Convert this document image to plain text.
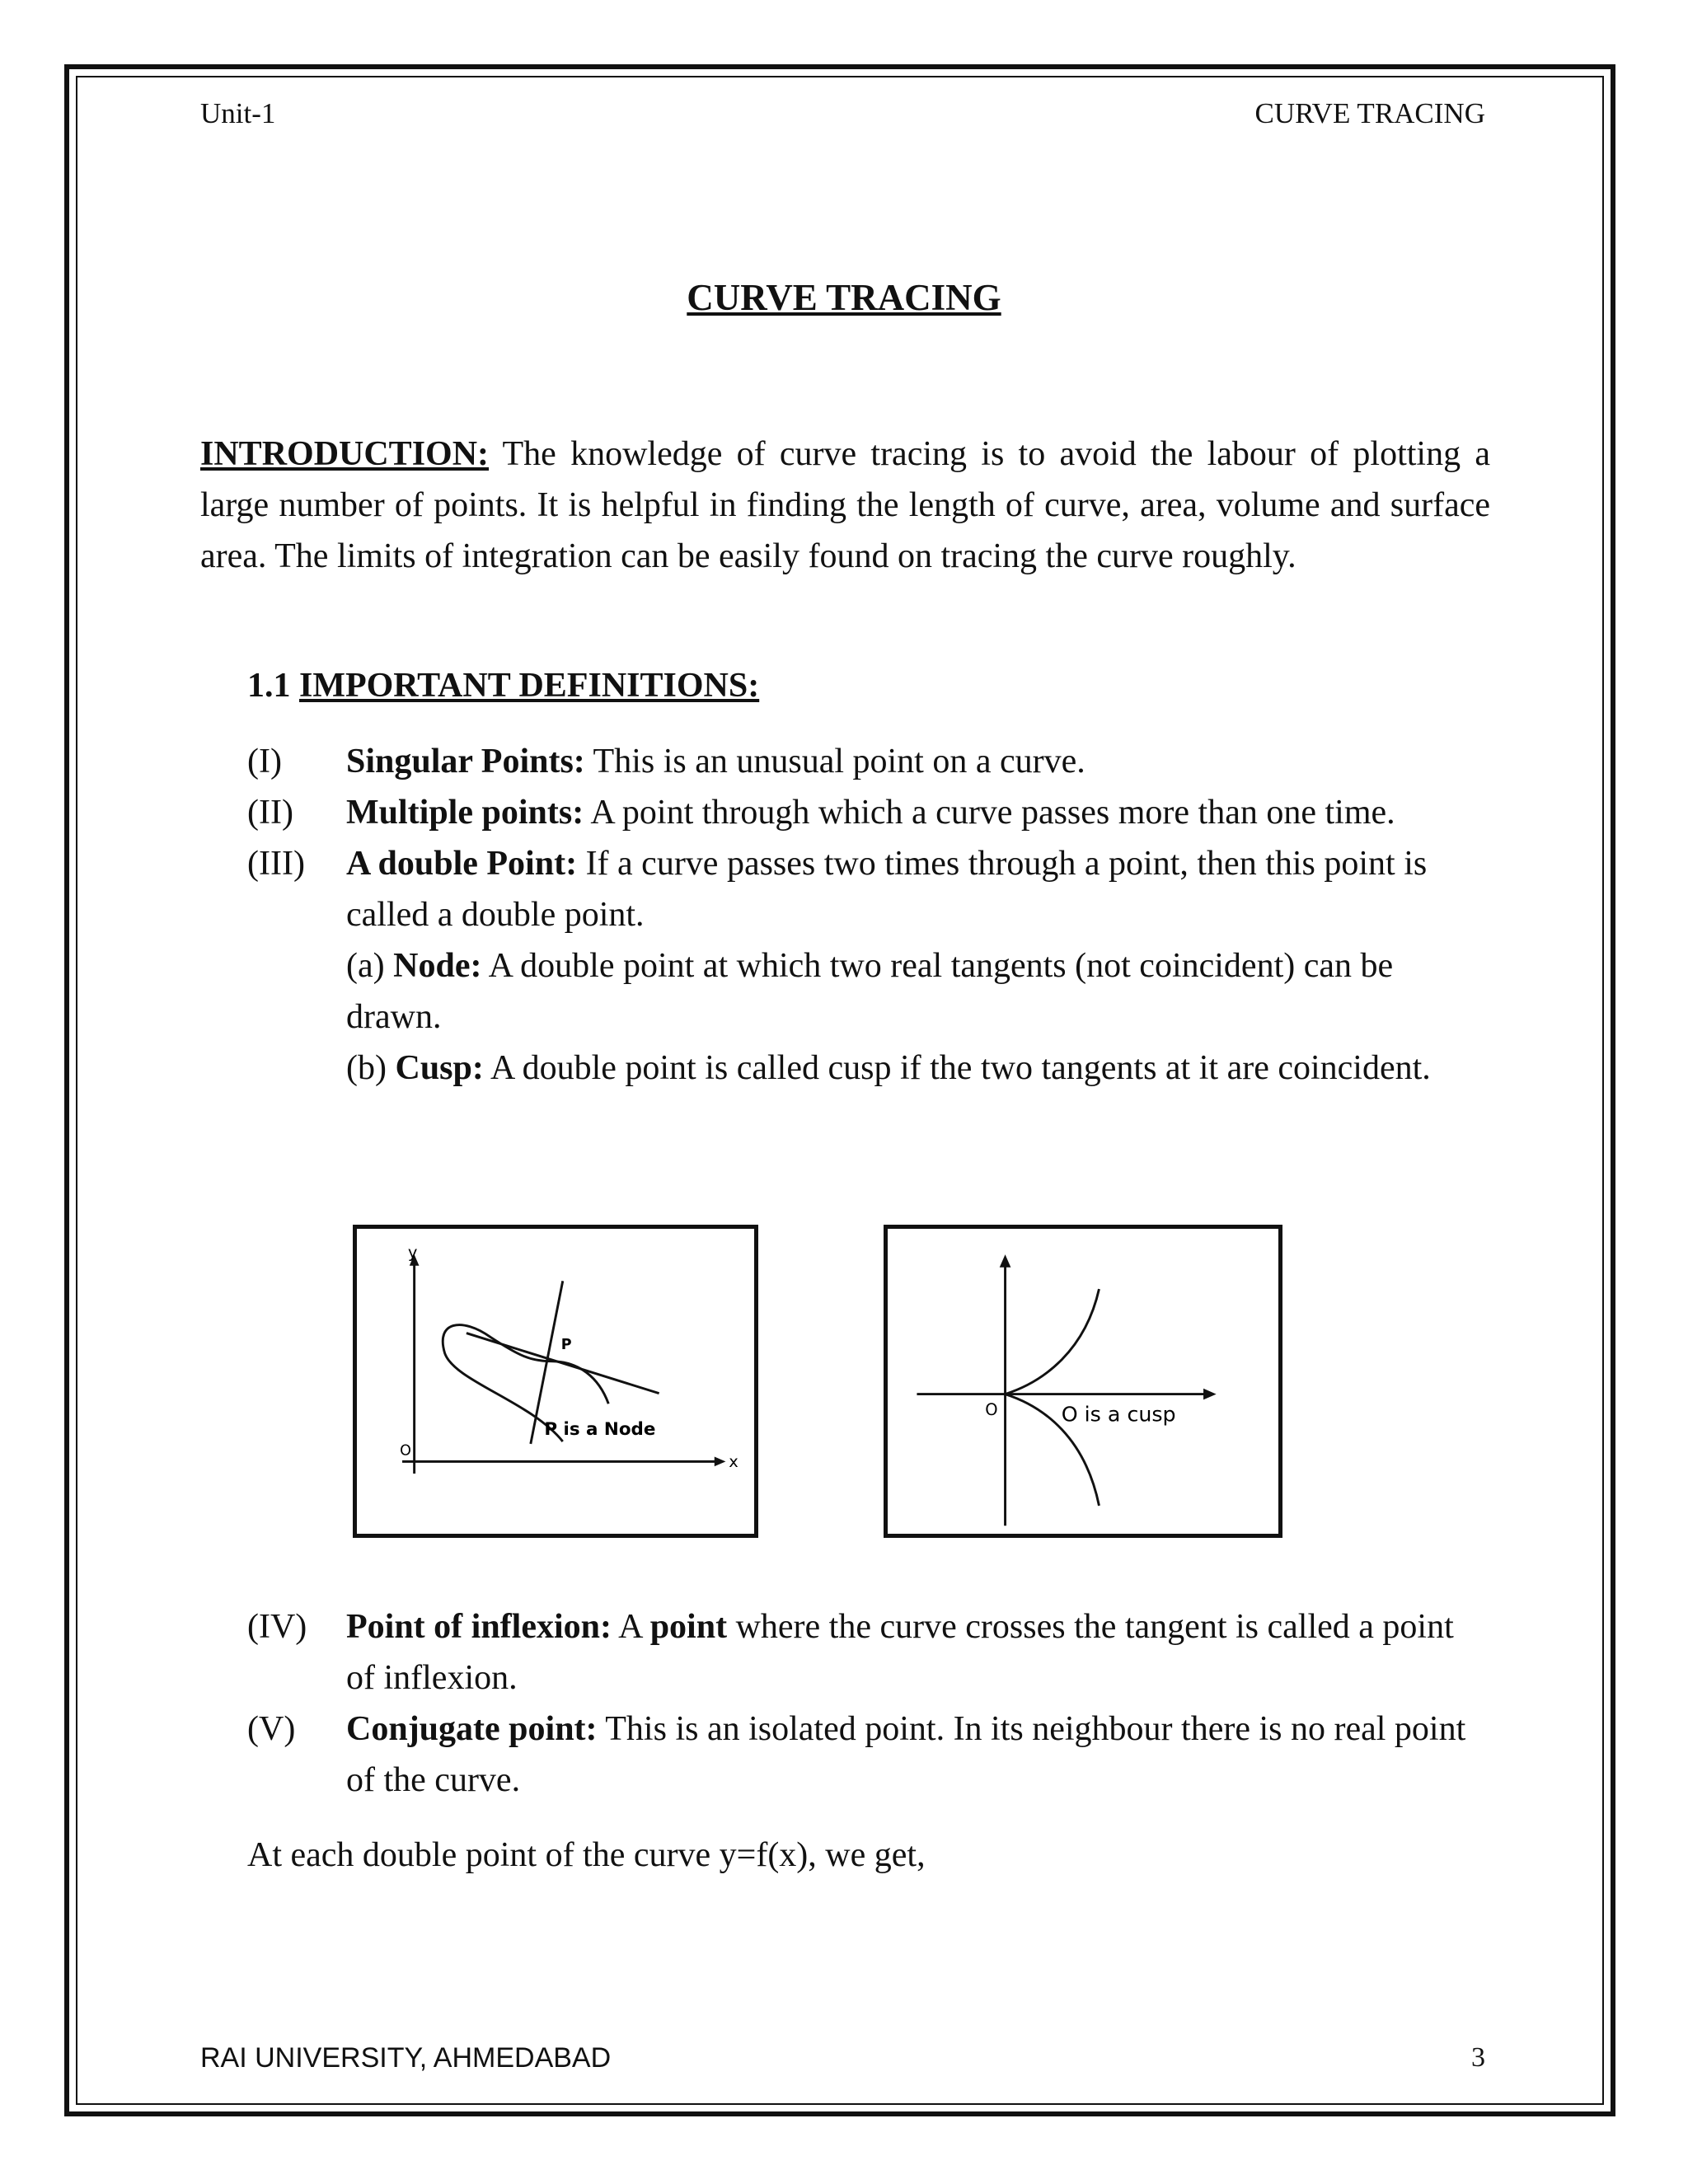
Unit-1	CURVE TRACING
CURVE TRACING
INTRODUCTION: The knowledge of curve tracing is to avoid the labour of plotting a large number of points. It is helpful in finding the length of curve, area, volume and surface area. The limits of integration can be easily found on tracing the curve roughly.
1.1 IMPORTANT DEFINITIONS:
(I)	Singular Points: This is an unusual point on a curve.
(II)	Multiple points: A point through which a curve passes more than one time.
(III)	A double Point: If a curve passes two times through a point, then this point is called a double point.
(a) Node: A double point at which two real tangents (not coincident) can be drawn.
(b) Cusp: A double point is called cusp if the two tangents at it are coincident.
y
x
O
P
P is a Node
O	O is a cusp
(IV)	Point of inflexion: A point where the curve crosses the tangent is called a point of inflexion.
(V)	Conjugate point: This is an isolated point. In its neighbour there is no real point of the curve.
At each double point of the curve y=f(x), we get,
RAI UNIVERSITY, AHMEDABAD	3
